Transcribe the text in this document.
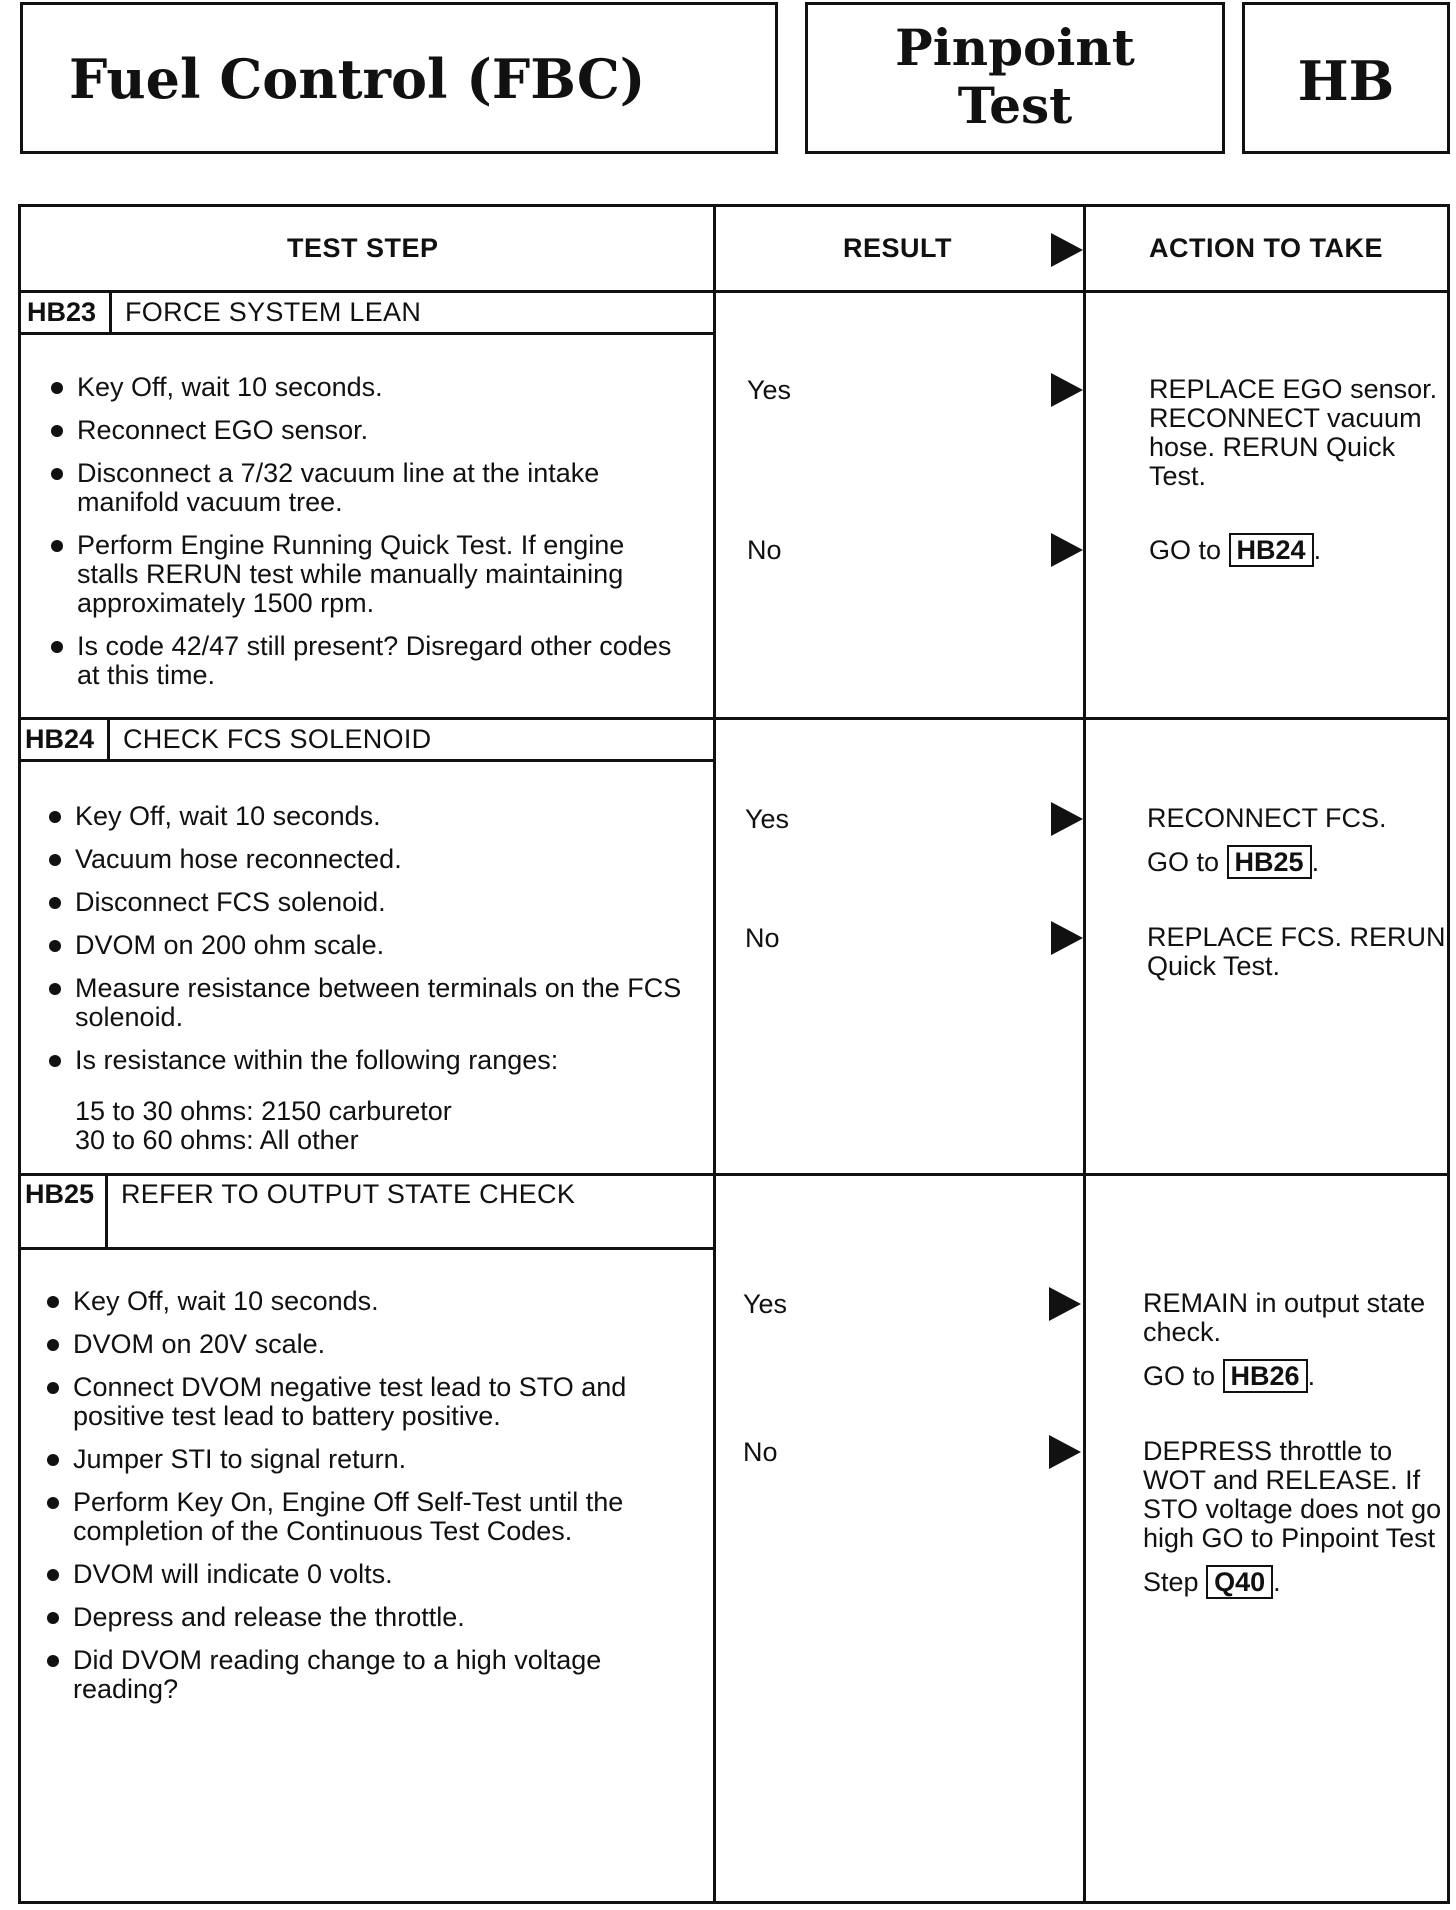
Fuel Control (FBC)	Pinpoint
Test	HB
TEST STEP	RESULT	ACTION TO TAKE
HB23 FORCE SYSTEM LEAN
Key Off, wait 10 seconds.
Reconnect EGO sensor.
Disconnect a 7/32 vacuum line at the intake manifold vacuum tree.
Perform Engine Running Quick Test. If engine stalls RERUN test while manually maintaining approximately 1500 rpm.
Is code 42/47 still present? Disregard other codes at this time.
Yes	REPLACE EGO sensor. RECONNECT vacuum hose. RERUN Quick Test.
No	GO to HB24 .
HB24 CHECK FCS SOLENOID
Key Off, wait 10 seconds.
Vacuum hose reconnected.
Disconnect FCS solenoid.
DVOM on 200 ohm scale.
Measure resistance between terminals on the FCS solenoid.
Is resistance within the following ranges:
15 to 30 ohms: 2150 carburetor
30 to 60 ohms: All other
Yes	RECONNECT FCS.

GO to HB25 .
No	REPLACE FCS. RERUN Quick Test.
HB25 REFER TO OUTPUT STATE CHECK
Key Off, wait 10 seconds.
DVOM on 20V scale.
Connect DVOM negative test lead to STO and positive test lead to battery positive.
Jumper STI to signal return.
Perform Key On, Engine Off Self-Test until the completion of the Continuous Test Codes.
DVOM will indicate 0 volts.
Depress and release the throttle.
Did DVOM reading change to a high voltage reading?
Yes	REMAIN in output state check.

GO to HB26 .
No	DEPRESS throttle to WOT and RELEASE. If STO voltage does not go high GO to Pinpoint Test

Step Q40 .
